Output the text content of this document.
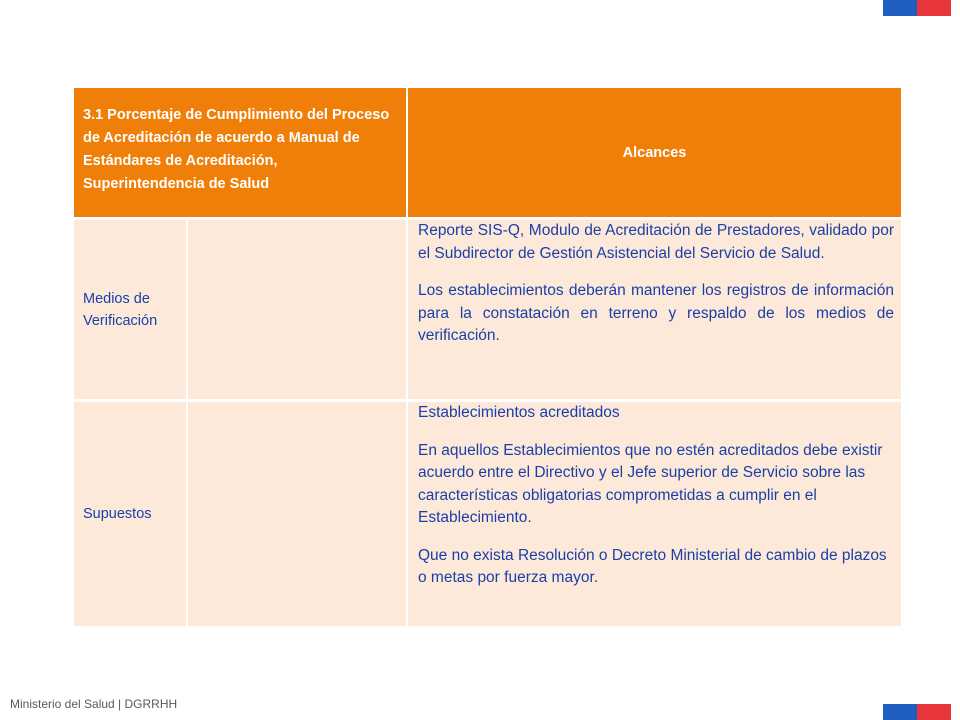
3.1 Porcentaje de Cumplimiento del Proceso de Acreditación de acuerdo a Manual de Estándares de Acreditación, Superintendencia de Salud
Alcances
Medios de Verificación

Reporte SIS-Q, Modulo de Acreditación de Prestadores, validado por el Subdirector de Gestión Asistencial del Servicio de Salud.

Los establecimientos deberán mantener los registros de información para la constatación en terreno y respaldo de los medios de verificación.

Supuestos

Establecimientos acreditados

En aquellos Establecimientos que no estén acreditados debe existir acuerdo entre el Directivo y el Jefe superior de Servicio sobre las características obligatorias comprometidas a cumplir en el Establecimiento.

Que no exista Resolución o Decreto Ministerial de cambio de plazos o metas por fuerza mayor.

Ministerio del Salud | DGRRHH
